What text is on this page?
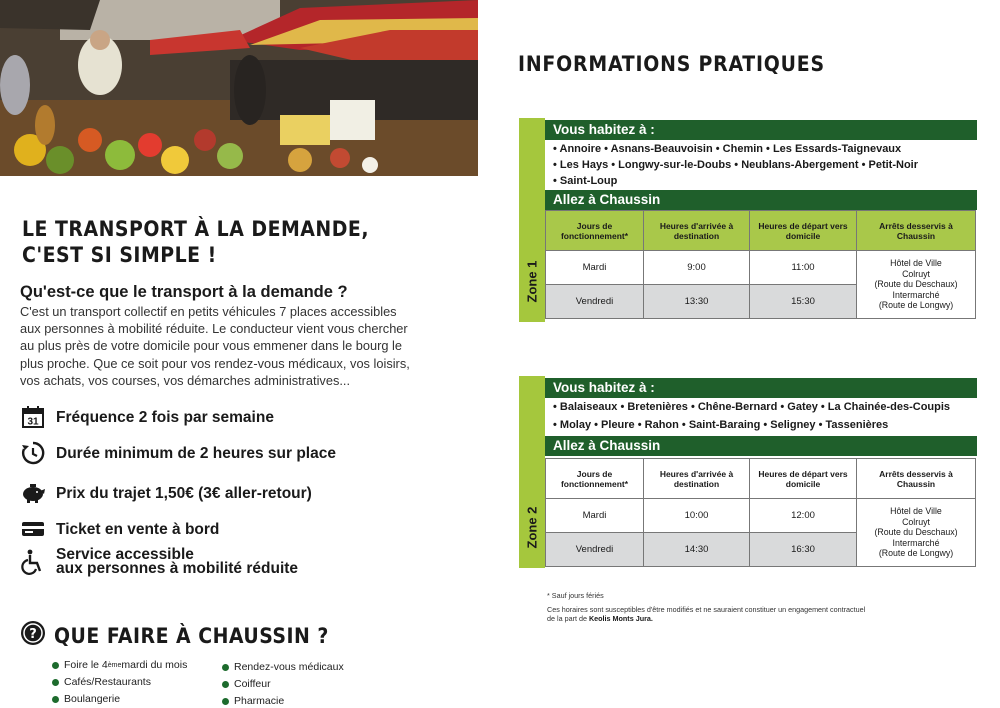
LE TRANSPORT À LA DEMANDE,
C'EST SI SIMPLE !
Qu'est-ce que le transport à la demande ?

C'est un transport collectif en petits véhicules 7 places accessibles aux personnes à mobilité réduite. Le conducteur vient vous chercher au plus près de votre domicile pour vous emmener dans le bourg le plus proche. Que ce soit pour vos rendez-vous médicaux, vos loisirs, vos achats, vos courses, vos démarches administratives...

31 Fréquence 2 fois par semaine
Durée minimum de 2 heures sur place
Prix du trajet 1,50€ (3€ aller-retour)
Ticket en vente à bord
Service accessible
aux personnes à mobilité réduite
? QUE FAIRE À CHAUSSIN ?
Foire le 4 ème mardi du mois
Cafés/Restaurants
Boulangerie
Rendez-vous médicaux
Coiffeur
Pharmacie
INFORMATIONS PRATIQUES
Zone 1
Vous habitez à :
• Annoire • Asnans-Beauvoisin • Chemin • Les Essards-Taignevaux
• Les Hays • Longwy-sur-le-Doubs • Neublans-Abergement • Petit-Noir
• Saint-Loup
Allez à Chaussin
Jours de fonctionnement*	Heures d'arrivée à destination	Heures de départ vers domicile	Arrêts desservis à Chaussin
Mardi	9:00	11:00	Hôtel de Ville
Colruyt
(Route du Deschaux)
Intermarché
(Route de Longwy)

Vendredi	13:30	15:30	
Zone 2
Vous habitez à :
• Balaiseaux • Bretenières • Chêne-Bernard • Gatey • La Chainée-des-Coupis
• Molay • Pleure • Rahon • Saint-Baraing • Seligney • Tassenières
Allez à Chaussin
Jours de fonctionnement*	Heures d'arrivée à destination	Heures de départ vers domicile	Arrêts desservis à Chaussin
Mardi	10:00	12:00	Hôtel de Ville
Colruyt
(Route du Deschaux)
Intermarché
(Route de Longwy)

Vendredi	14:30	16:30	
* Sauf jours fériés
Ces horaires sont susceptibles d'être modifiés et ne sauraient constituer un engagement contractuel
de la part de Keolis Monts Jura.
